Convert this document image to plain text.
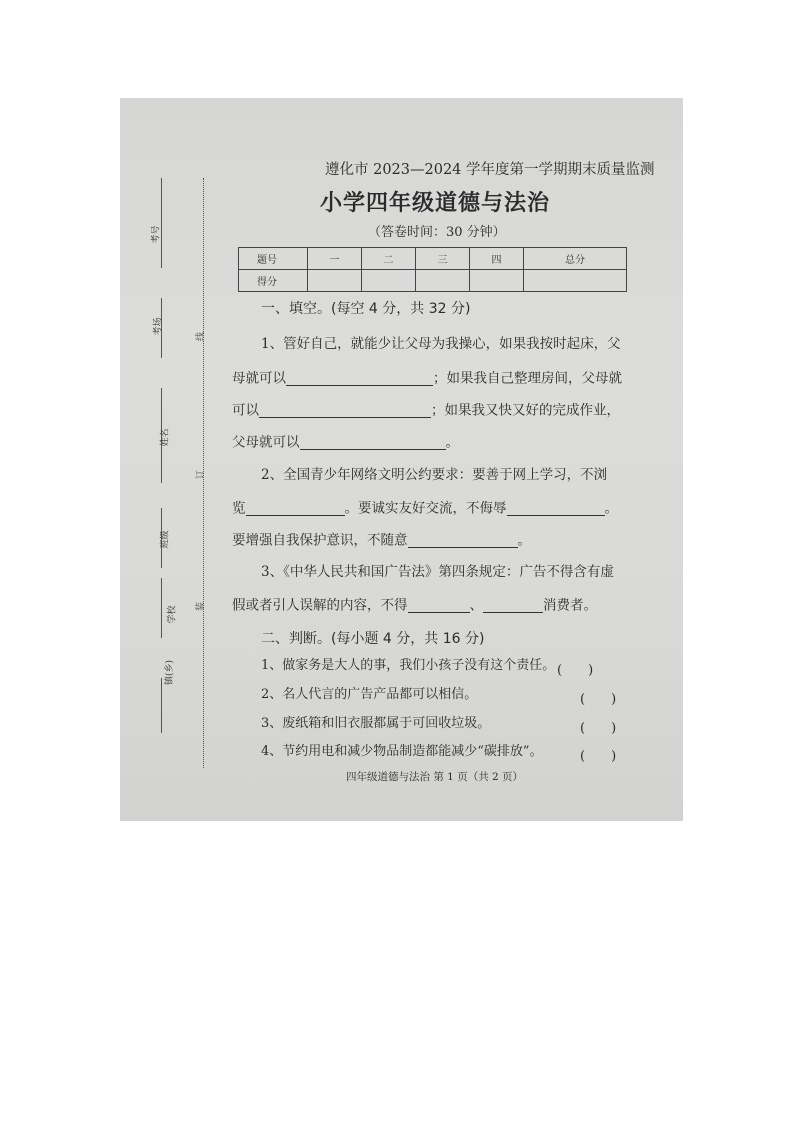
考号
考场
姓名
班级
学校
镇(乡)
线
订
装
遵化市 2023—2024 学年度第一学期期末质量监测
小学四年级道德与法治
（答卷时间：30 分钟）
题号	一	二	三	四	总分
得分					
一、填空。(每空 4 分，共 32 分)
1、管好自己，就能少让父母为我操心，如果我按时起床，父
母就可以	；如果我自己整理房间，父母就
可以	；如果我又快又好的完成作业，
父母就可以	。
2、全国青少年网络文明公约要求：要善于网上学习，不浏
览	。要诚实友好交流，不侮辱	。
要增强自我保护意识，不随意	。
3、《中华人民共和国广告法》第四条规定：广告不得含有虚
假或者引人误解的内容，不得	、	消费者。
二、判断。(每小题 4 分，共 16 分)
1、做家务是大人的事，我们小孩子没有这个责任。 (　　)
2、名人代言的广告产品都可以相信。	(　　)
3、废纸箱和旧衣服都属于可回收垃圾。	(　　)
4、节约用电和减少物品制造都能减少“碳排放”。	(　　)
四年级道德与法治 第 1 页（共 2 页）
